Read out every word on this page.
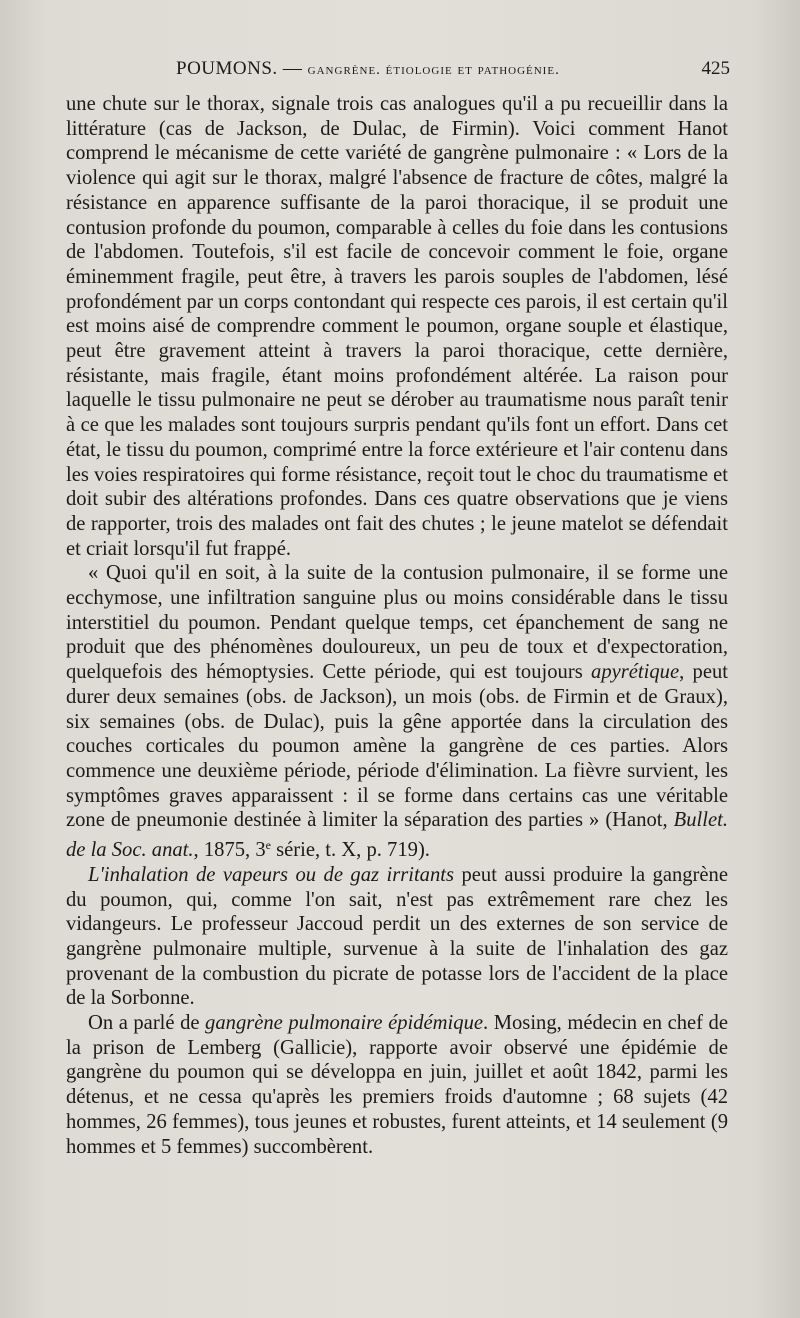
POUMONS. — gangrène. étiologie et pathogénie.	425

une chute sur le thorax, signale trois cas analogues qu'il a pu recueillir dans la littérature (cas de Jackson, de Dulac, de Firmin). Voici comment Hanot comprend le mécanisme de cette variété de gangrène pulmonaire : « Lors de la violence qui agit sur le thorax, malgré l'absence de fracture de côtes, malgré la résistance en apparence suffisante de la paroi thoracique, il se produit une contusion profonde du poumon, comparable à celles du foie dans les contusions de l'abdomen. Toutefois, s'il est facile de concevoir comment le foie, organe éminemment fragile, peut être, à travers les parois souples de l'abdomen, lésé profondément par un corps contondant qui respecte ces parois, il est certain qu'il est moins aisé de comprendre comment le poumon, organe souple et élastique, peut être gravement atteint à travers la paroi thoracique, cette dernière, résistante, mais fragile, étant moins profondément altérée. La raison pour laquelle le tissu pulmonaire ne peut se dérober au traumatisme nous paraît tenir à ce que les malades sont toujours surpris pendant qu'ils font un effort. Dans cet état, le tissu du poumon, comprimé entre la force extérieure et l'air contenu dans les voies respiratoires qui forme résistance, reçoit tout le choc du traumatisme et doit subir des altérations profondes. Dans ces quatre observations que je viens de rapporter, trois des malades ont fait des chutes ; le jeune matelot se défendait et criait lorsqu'il fut frappé.

« Quoi qu'il en soit, à la suite de la contusion pulmonaire, il se forme une ecchymose, une infiltration sanguine plus ou moins considérable dans le tissu interstitiel du poumon. Pendant quelque temps, cet épanchement de sang ne produit que des phénomènes douloureux, un peu de toux et d'expectoration, quelquefois des hémoptysies. Cette période, qui est toujours apyrétique, peut durer deux semaines (obs. de Jackson), un mois (obs. de Firmin et de Graux), six semaines (obs. de Dulac), puis la gêne apportée dans la circulation des couches corticales du poumon amène la gangrène de ces parties. Alors commence une deuxième période, période d'élimination. La fièvre survient, les symptômes graves apparaissent : il se forme dans certains cas une véritable zone de pneumonie destinée à limiter la séparation des parties » (Hanot, Bullet. de la Soc. anat., 1875, 3e série, t. X, p. 719).

L'inhalation de vapeurs ou de gaz irritants peut aussi produire la gangrène du poumon, qui, comme l'on sait, n'est pas extrêmement rare chez les vidangeurs. Le professeur Jaccoud perdit un des externes de son service de gangrène pulmonaire multiple, survenue à la suite de l'inhalation des gaz provenant de la combustion du picrate de potasse lors de l'accident de la place de la Sorbonne.

On a parlé de gangrène pulmonaire épidémique. Mosing, médecin en chef de la prison de Lemberg (Gallicie), rapporte avoir observé une épidémie de gangrène du poumon qui se développa en juin, juillet et août 1842, parmi les détenus, et ne cessa qu'après les premiers froids d'automne ; 68 sujets (42 hommes, 26 femmes), tous jeunes et robustes, furent atteints, et 14 seulement (9 hommes et 5 femmes) succombèrent.
